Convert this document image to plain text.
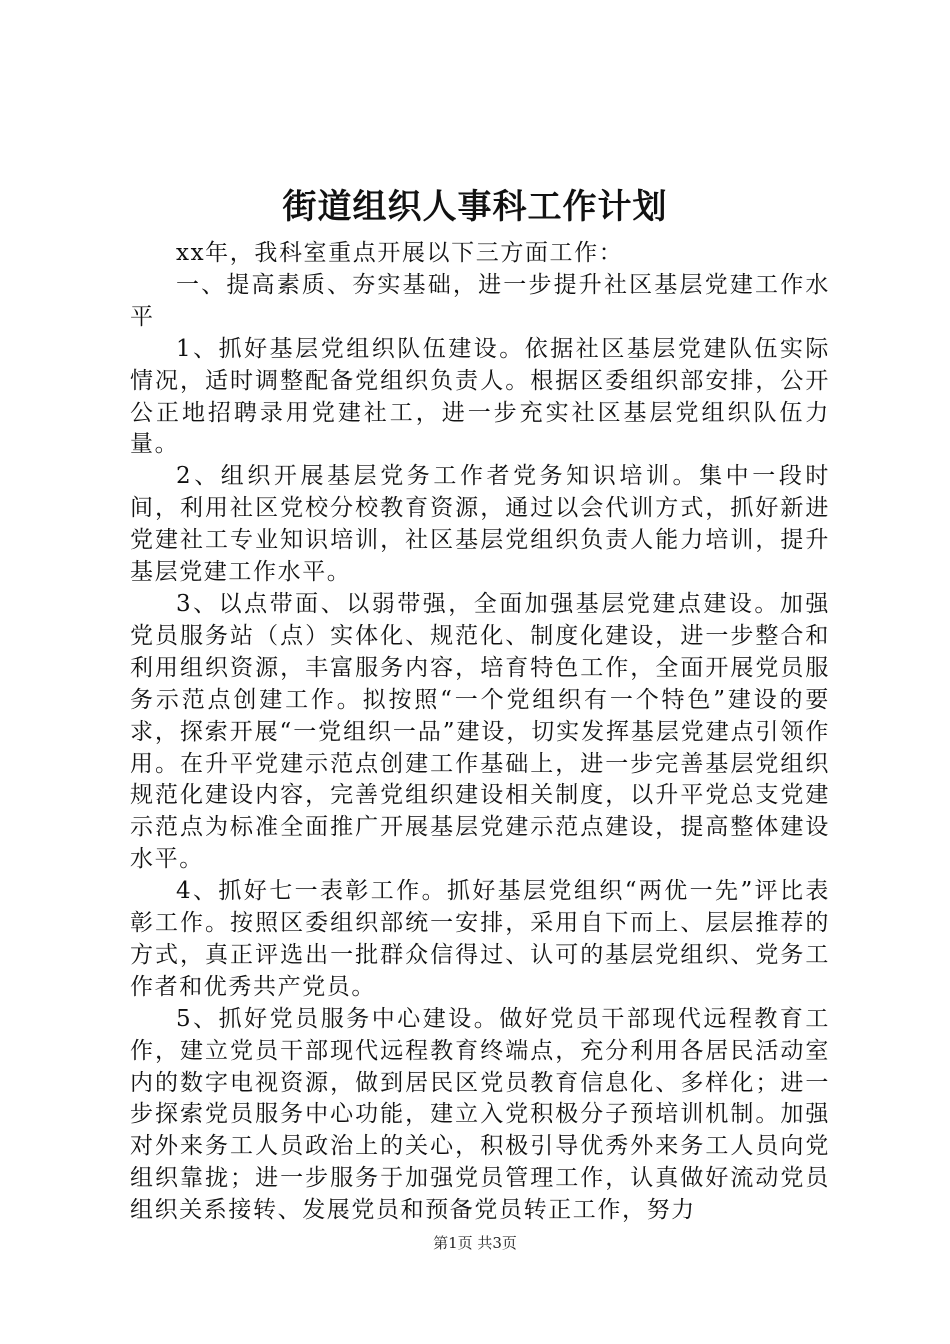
街道组织人事科工作计划

xx年，我科室重点开展以下三方面工作：

一、提高素质、夯实基础，进一步提升社区基层党建工作水平

1、抓好基层党组织队伍建设。依据社区基层党建队伍实际情况，适时调整配备党组织负责人。根据区委组织部安排，公开公正地招聘录用党建社工，进一步充实社区基层党组织队伍力量。

2、组织开展基层党务工作者党务知识培训。集中一段时间，利用社区党校分校教育资源，通过以会代训方式，抓好新进党建社工专业知识培训，社区基层党组织负责人能力培训，提升基层党建工作水平。

3、以点带面、以弱带强，全面加强基层党建点建设。加强党员服务站（点）实体化、规范化、制度化建设，进一步整合和利用组织资源，丰富服务内容，培育特色工作，全面开展党员服务示范点创建工作。拟按照“一个党组织有一个特色”建设的要求，探索开展“一党组织一品”建设，切实发挥基层党建点引领作用。在升平党建示范点创建工作基础上，进一步完善基层党组织规范化建设内容，完善党组织建设相关制度，以升平党总支党建示范点为标准全面推广开展基层党建示范点建设，提高整体建设水平。

4、抓好七一表彰工作。抓好基层党组织“两优一先”评比表彰工作。按照区委组织部统一安排，采用自下而上、层层推荐的方式，真正评选出一批群众信得过、认可的基层党组织、党务工作者和优秀共产党员。

5、抓好党员服务中心建设。做好党员干部现代远程教育工作，建立党员干部现代远程教育终端点，充分利用各居民活动室内的数字电视资源，做到居民区党员教育信息化、多样化；进一步探索党员服务中心功能，建立入党积极分子预培训机制。加强对外来务工人员政治上的关心，积极引导优秀外来务工人员向党组织靠拢；进一步服务于加强党员管理工作，认真做好流动党员组织关系接转、发展党员和预备党员转正工作，努力

第1页 共3页
